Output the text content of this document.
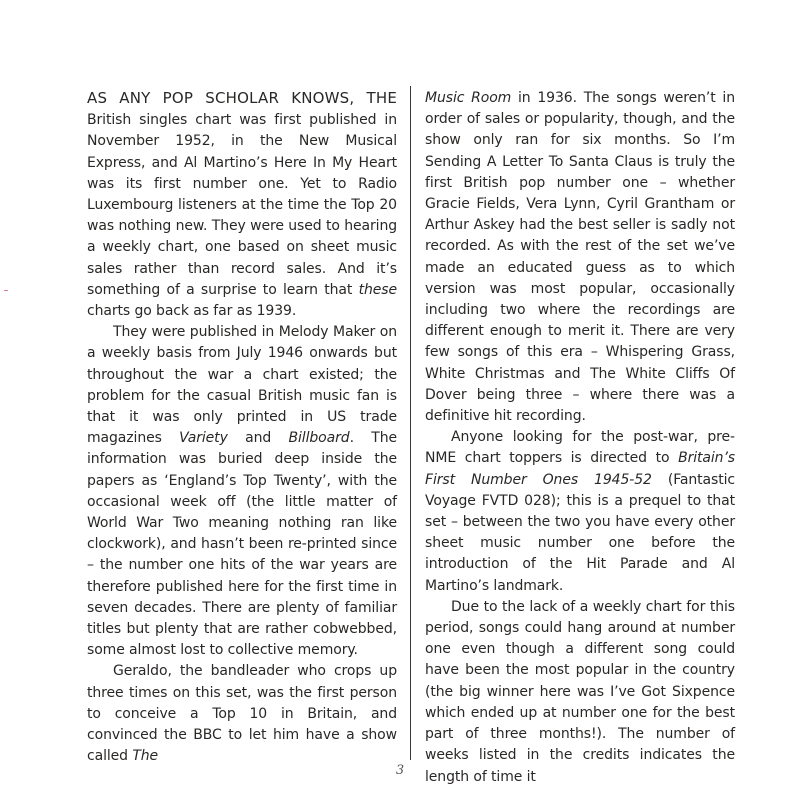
AS ANY POP SCHOLAR KNOWS, THE British singles chart was first published in November 1952, in the New Musical Express, and Al Martino’s Here In My Heart was its first number one. Yet to Radio Luxembourg listeners at the time the Top 20 was nothing new. They were used to hearing a weekly chart, one based on sheet music sales rather than record sales. And it’s something of a surprise to learn that these charts go back as far as 1939.

They were published in Melody Maker on a weekly basis from July 1946 onwards but throughout the war a chart existed; the problem for the casual British music fan is that it was only printed in US trade magazines Variety and Billboard. The information was buried deep inside the papers as ‘England’s Top Twenty’, with the occasional week off (the little matter of World War Two meaning nothing ran like clockwork), and hasn’t been re-printed since – the number one hits of the war years are therefore published here for the first time in seven decades. There are plenty of familiar titles but plenty that are rather cobwebbed, some almost lost to collective memory.

Geraldo, the bandleader who crops up three times on this set, was the first person to conceive a Top 10 in Britain, and convinced the BBC to let him have a show called The

Music Room in 1936. The songs weren’t in order of sales or popularity, though, and the show only ran for six months. So I’m Sending A Letter To Santa Claus is truly the first British pop number one – whether Gracie Fields, Vera Lynn, Cyril Grantham or Arthur Askey had the best seller is sadly not recorded. As with the rest of the set we’ve made an educated guess as to which version was most popular, occasionally including two where the recordings are different enough to merit it. There are very few songs of this era – Whispering Grass, White Christmas and The White Cliffs Of Dover being three – where there was a definitive hit recording.

Anyone looking for the post-war, pre-NME chart toppers is directed to Britain’s First Number Ones 1945-52 (Fantastic Voyage FVTD 028); this is a prequel to that set – between the two you have every other sheet music number one before the introduction of the Hit Parade and Al Martino’s landmark.

Due to the lack of a weekly chart for this period, songs could hang around at number one even though a different song could have been the most popular in the country (the big winner here was I’ve Got Sixpence which ended up at number one for the best part of three months!). The number of weeks listed in the credits indicates the length of time it

3
